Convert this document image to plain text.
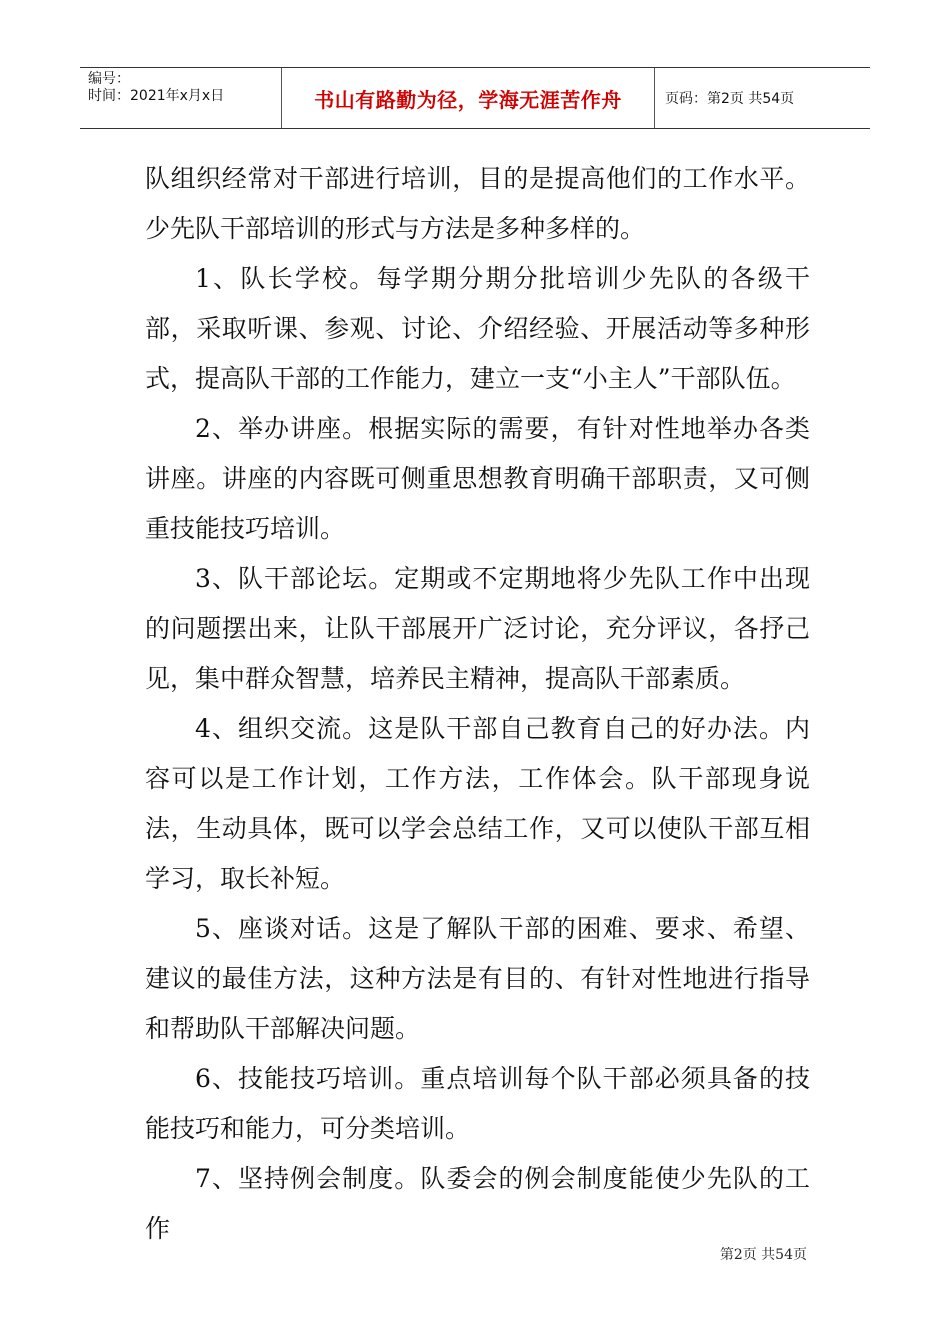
编号：
时间：2021年x月x日	书山有路勤为径，学海无涯苦作舟	页码：第2页 共54页

队组织经常对干部进行培训，目的是提高他们的工作水平。少先队干部培训的形式与方法是多种多样的。

1、队长学校。每学期分期分批培训少先队的各级干部，采取听课、参观、讨论、介绍经验、开展活动等多种形式，提高队干部的工作能力，建立一支“小主人”干部队伍。

2、举办讲座。根据实际的需要，有针对性地举办各类讲座。讲座的内容既可侧重思想教育明确干部职责，又可侧重技能技巧培训。

3、队干部论坛。定期或不定期地将少先队工作中出现的问题摆出来，让队干部展开广泛讨论，充分评议，各抒己见，集中群众智慧，培养民主精神，提高队干部素质。

4、组织交流。这是队干部自己教育自己的好办法。内容可以是工作计划，工作方法，工作体会。队干部现身说法，生动具体，既可以学会总结工作，又可以使队干部互相学习，取长补短。

5、座谈对话。这是了解队干部的困难、要求、希望、建议的最佳方法，这种方法是有目的、有针对性地进行指导和帮助队干部解决问题。

6、技能技巧培训。重点培训每个队干部必须具备的技能技巧和能力，可分类培训。

7、坚持例会制度。队委会的例会制度能使少先队的工作

第2页 共54页
